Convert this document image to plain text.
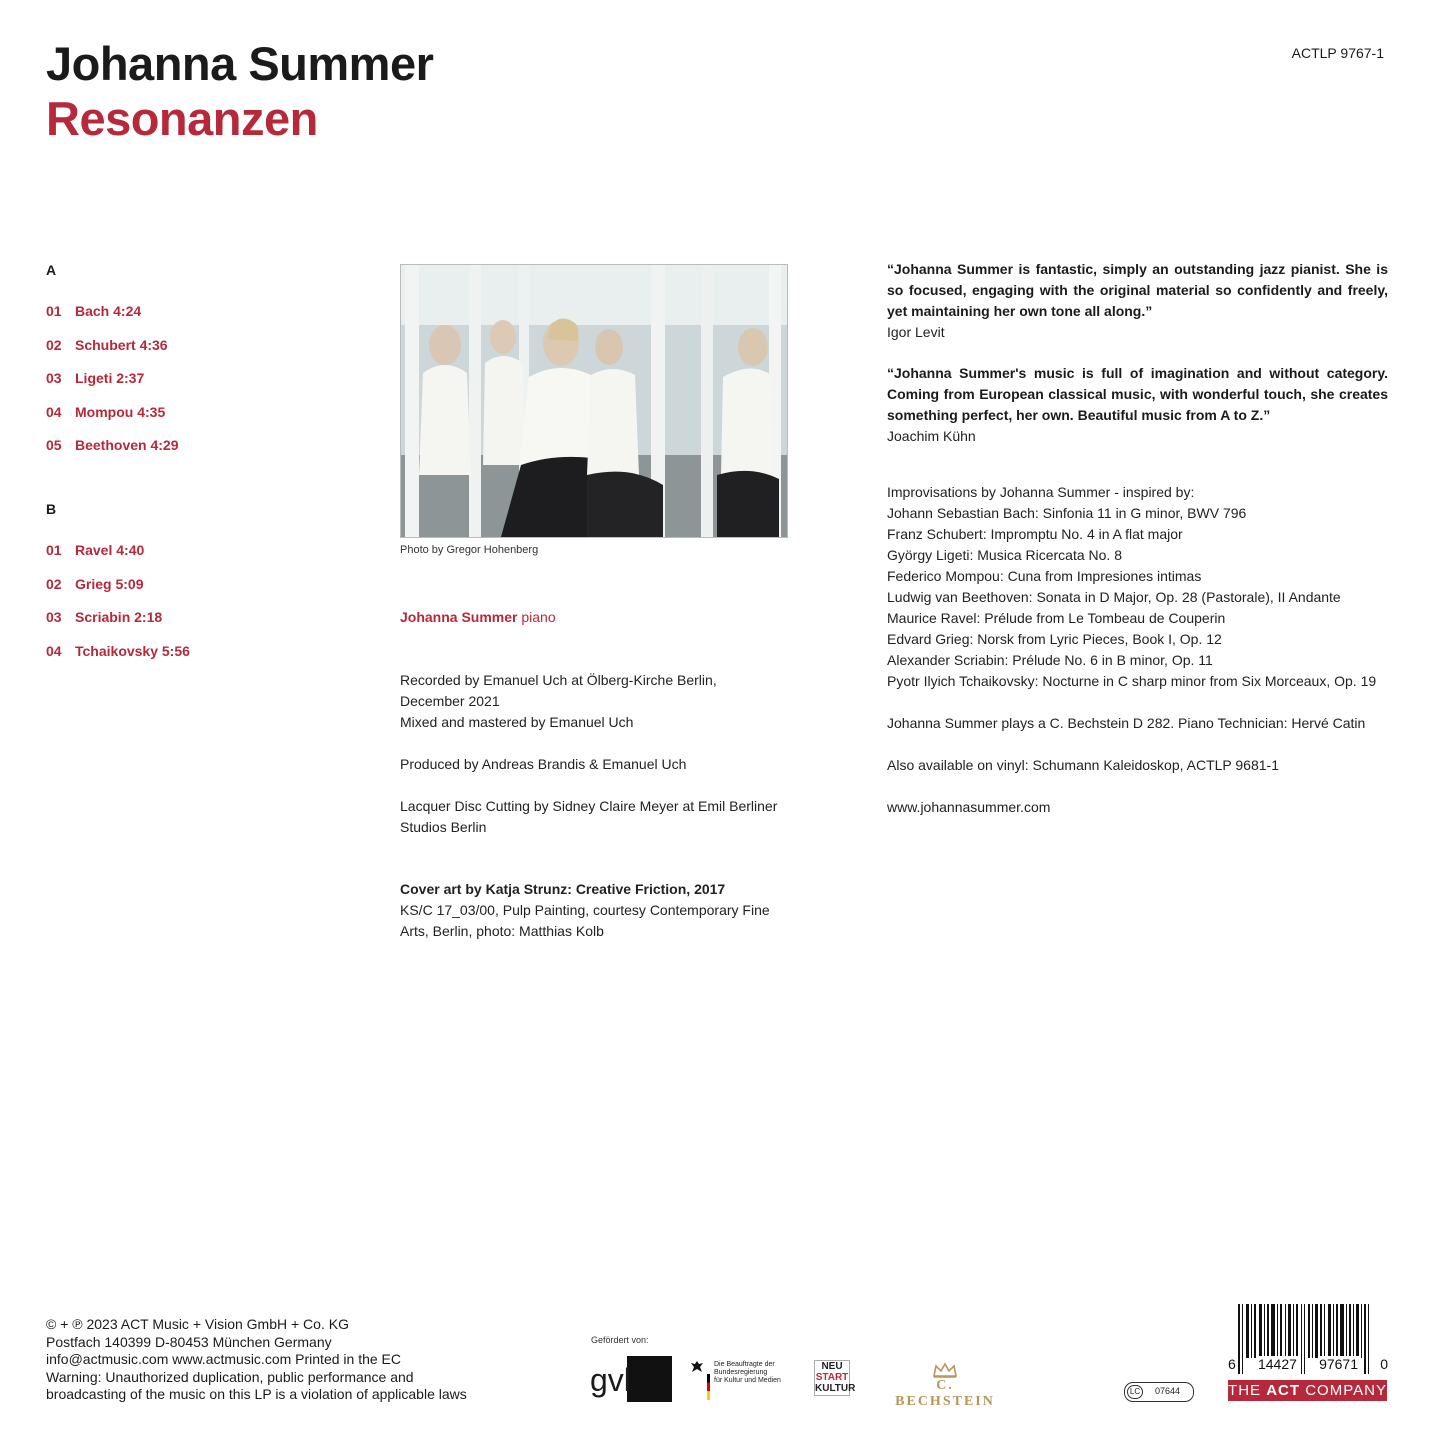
Johanna Summer
Resonanzen
ACTLP 9767-1
A
01 Bach 4:24
02 Schubert 4:36
03 Ligeti 2:37
04 Mompou 4:35
05 Beethoven 4:29
B
01 Ravel 4:40
02 Grieg 5:09
03 Scriabin 2:18
04 Tchaikovsky 5:56
Photo by Gregor Hohenberg
Johanna Summer piano
Recorded by Emanuel Uch at Ölberg-Kirche Berlin,
December 2021
Mixed and mastered by Emanuel Uch
Produced by Andreas Brandis & Emanuel Uch
Lacquer Disc Cutting by Sidney Claire Meyer at Emil Berliner
Studios Berlin
Cover art by Katja Strunz: Creative Friction, 2017
KS/C 17_03/00, Pulp Painting, courtesy Contemporary Fine
Arts, Berlin, photo: Matthias Kolb
“Johanna Summer is fantastic, simply an outstanding jazz pianist. She is so focused, engaging with the original material so confidently and freely, yet maintaining her own tone all along.”
Igor Levit
“Johanna Summer's music is full of imagination and without category. Coming from European classical music, with wonderful touch, she creates something perfect, her own. Beautiful music from A to Z.”
Joachim Kühn
Improvisations by Johanna Summer - inspired by:
Johann Sebastian Bach: Sinfonia 11 in G minor, BWV 796
Franz Schubert: Impromptu No. 4 in A flat major
György Ligeti: Musica Ricercata No. 8
Federico Mompou: Cuna from Impresiones intimas
Ludwig van Beethoven: Sonata in D Major, Op. 28 (Pastorale), II Andante
Maurice Ravel: Prélude from Le Tombeau de Couperin
Edvard Grieg: Norsk from Lyric Pieces, Book I, Op. 12
Alexander Scriabin: Prélude No. 6 in B minor, Op. 11
Pyotr Ilyich Tchaikovsky: Nocturne in C sharp minor from Six Morceaux, Op. 19
Johanna Summer plays a C. Bechstein D 282. Piano Technician: Hervé Catin
Also available on vinyl: Schumann Kaleidoskop, ACTLP 9681-1
www.johannasummer.com
© + ℗ 2023 ACT Music + Vision GmbH + Co. KG
Postfach 140399 D-80453 München Germany
info@actmusic.com www.actmusic.com Printed in the EC
Warning: Unauthorized duplication, public performance and
broadcasting of the music on this LP is a violation of applicable laws
Gefördert von:
gvl	Die Beauftragte der Bundesregierung
für Kultur und Medien
NEU
START
KULTUR	C. BECHSTEIN
LC	07644
6 14427 97671 0
THE ACT COMPANY
